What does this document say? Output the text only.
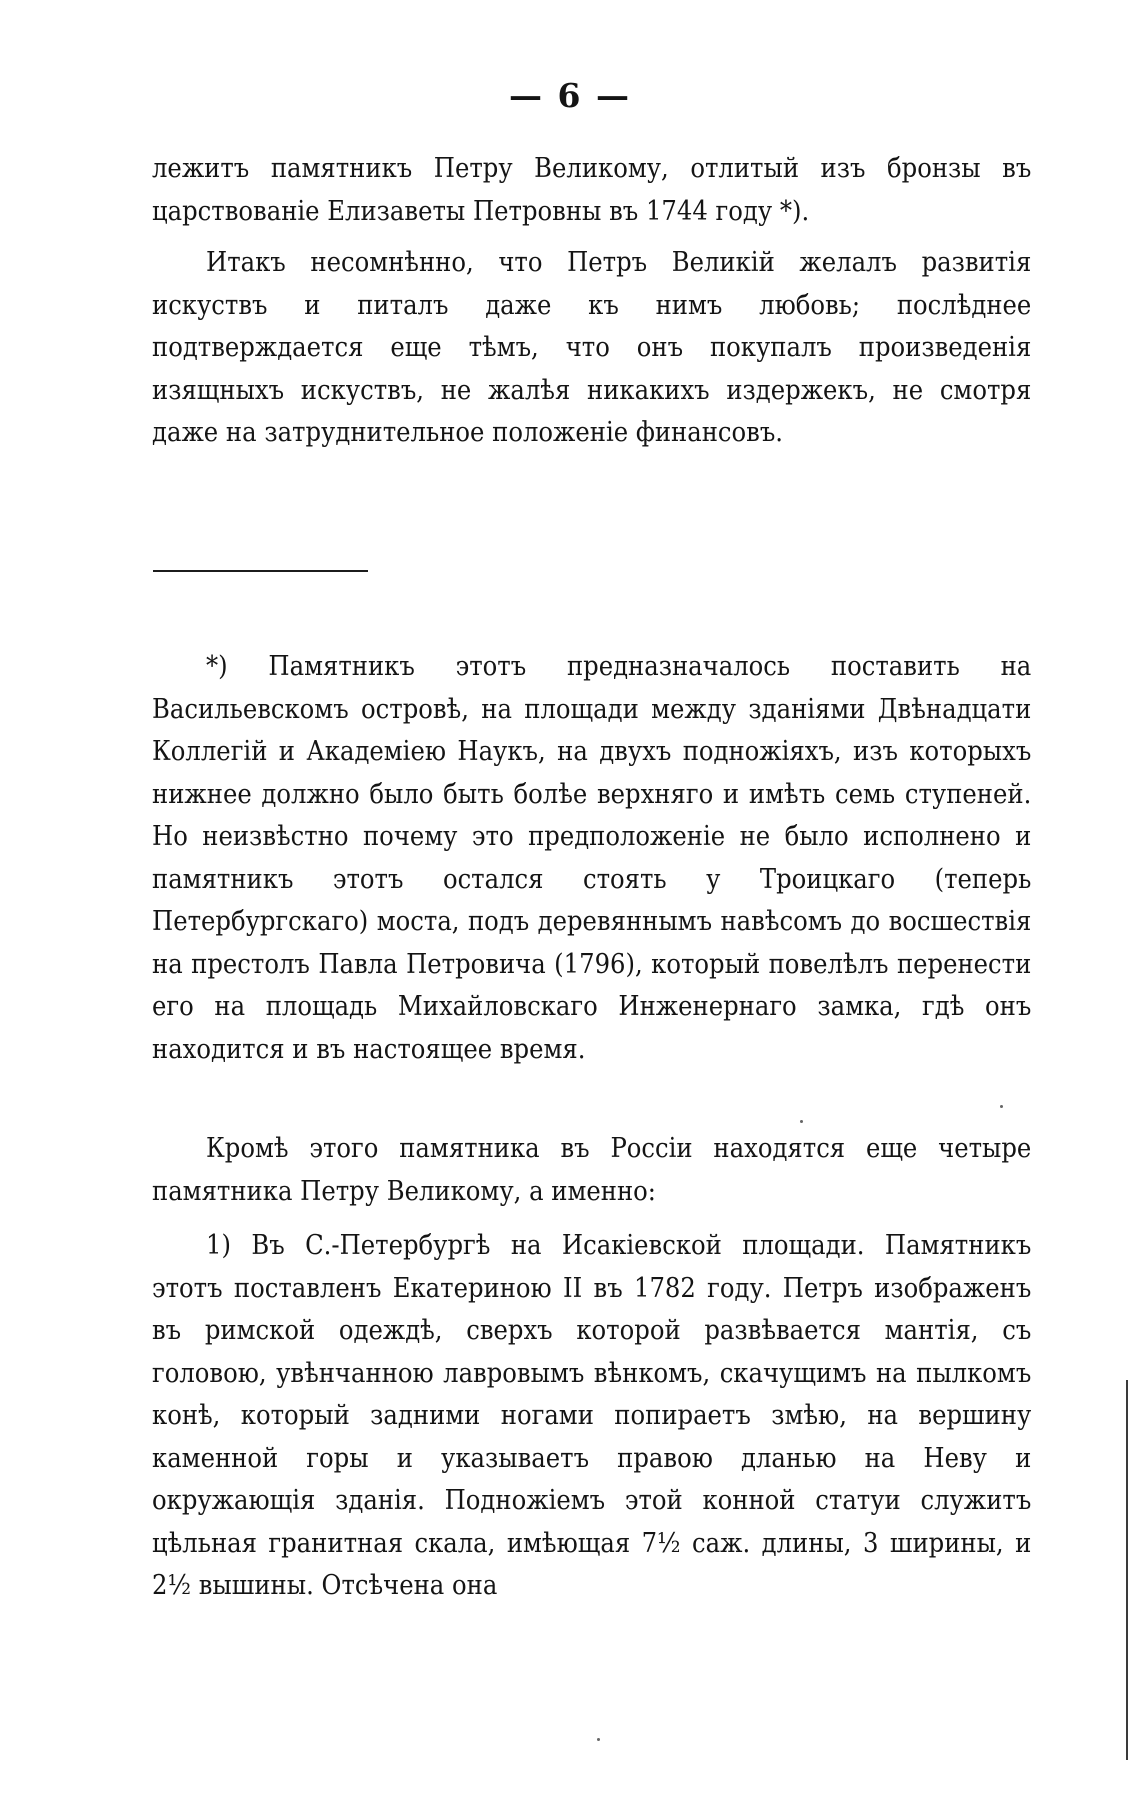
— 6 —

лежитъ памятникъ Петру Великому, отлитый изъ бронзы въ царствованіе Елизаветы Петровны въ 1744 году *).

Итакъ несомнѣнно, что Петръ Великій желалъ развитія искуствъ и питалъ даже къ нимъ любовь; послѣднее подтверждается еще тѣмъ, что онъ покупалъ произведенія изящныхъ искуствъ, не жалѣя никакихъ издержекъ, не смотря даже на затруднительное положеніе финансовъ.

*) Памятникъ этотъ предназначалось поставить на Васильевскомъ островѣ, на площади между зданіями Двѣнадцати Коллегій и Академіею Наукъ, на двухъ подножіяхъ, изъ которыхъ нижнее должно было быть болѣе верхняго и имѣть семь ступеней. Но неизвѣстно почему это предположеніе не было исполнено и памятникъ этотъ остался стоять у Троицкаго (теперь Петербургскаго) моста, подъ деревяннымъ навѣсомъ до восшествія на престолъ Павла Петровича (1796), который повелѣлъ перенести его на площадь Михайловскаго Инженернаго замка, гдѣ онъ находится и въ настоящее время.

Кромѣ этого памятника въ Россіи находятся еще четыре памятника Петру Великому, а именно:

1) Въ С.-Петербургѣ на Исакіевской площади. Памятникъ этотъ поставленъ Екатериною II въ 1782 году. Петръ изображенъ въ римской одеждѣ, сверхъ которой развѣвается мантія, съ головою, увѣнчанною лавровымъ вѣнкомъ, скачущимъ на пылкомъ конѣ, который задними ногами попираетъ змѣю, на вершину каменной горы и указываетъ правою дланью на Неву и окружающія зданія. Подножіемъ этой конной статуи служитъ цѣльная гранитная скала, имѣющая 7½ саж. длины, 3 ширины, и 2½ вышины. Отсѣчена она
